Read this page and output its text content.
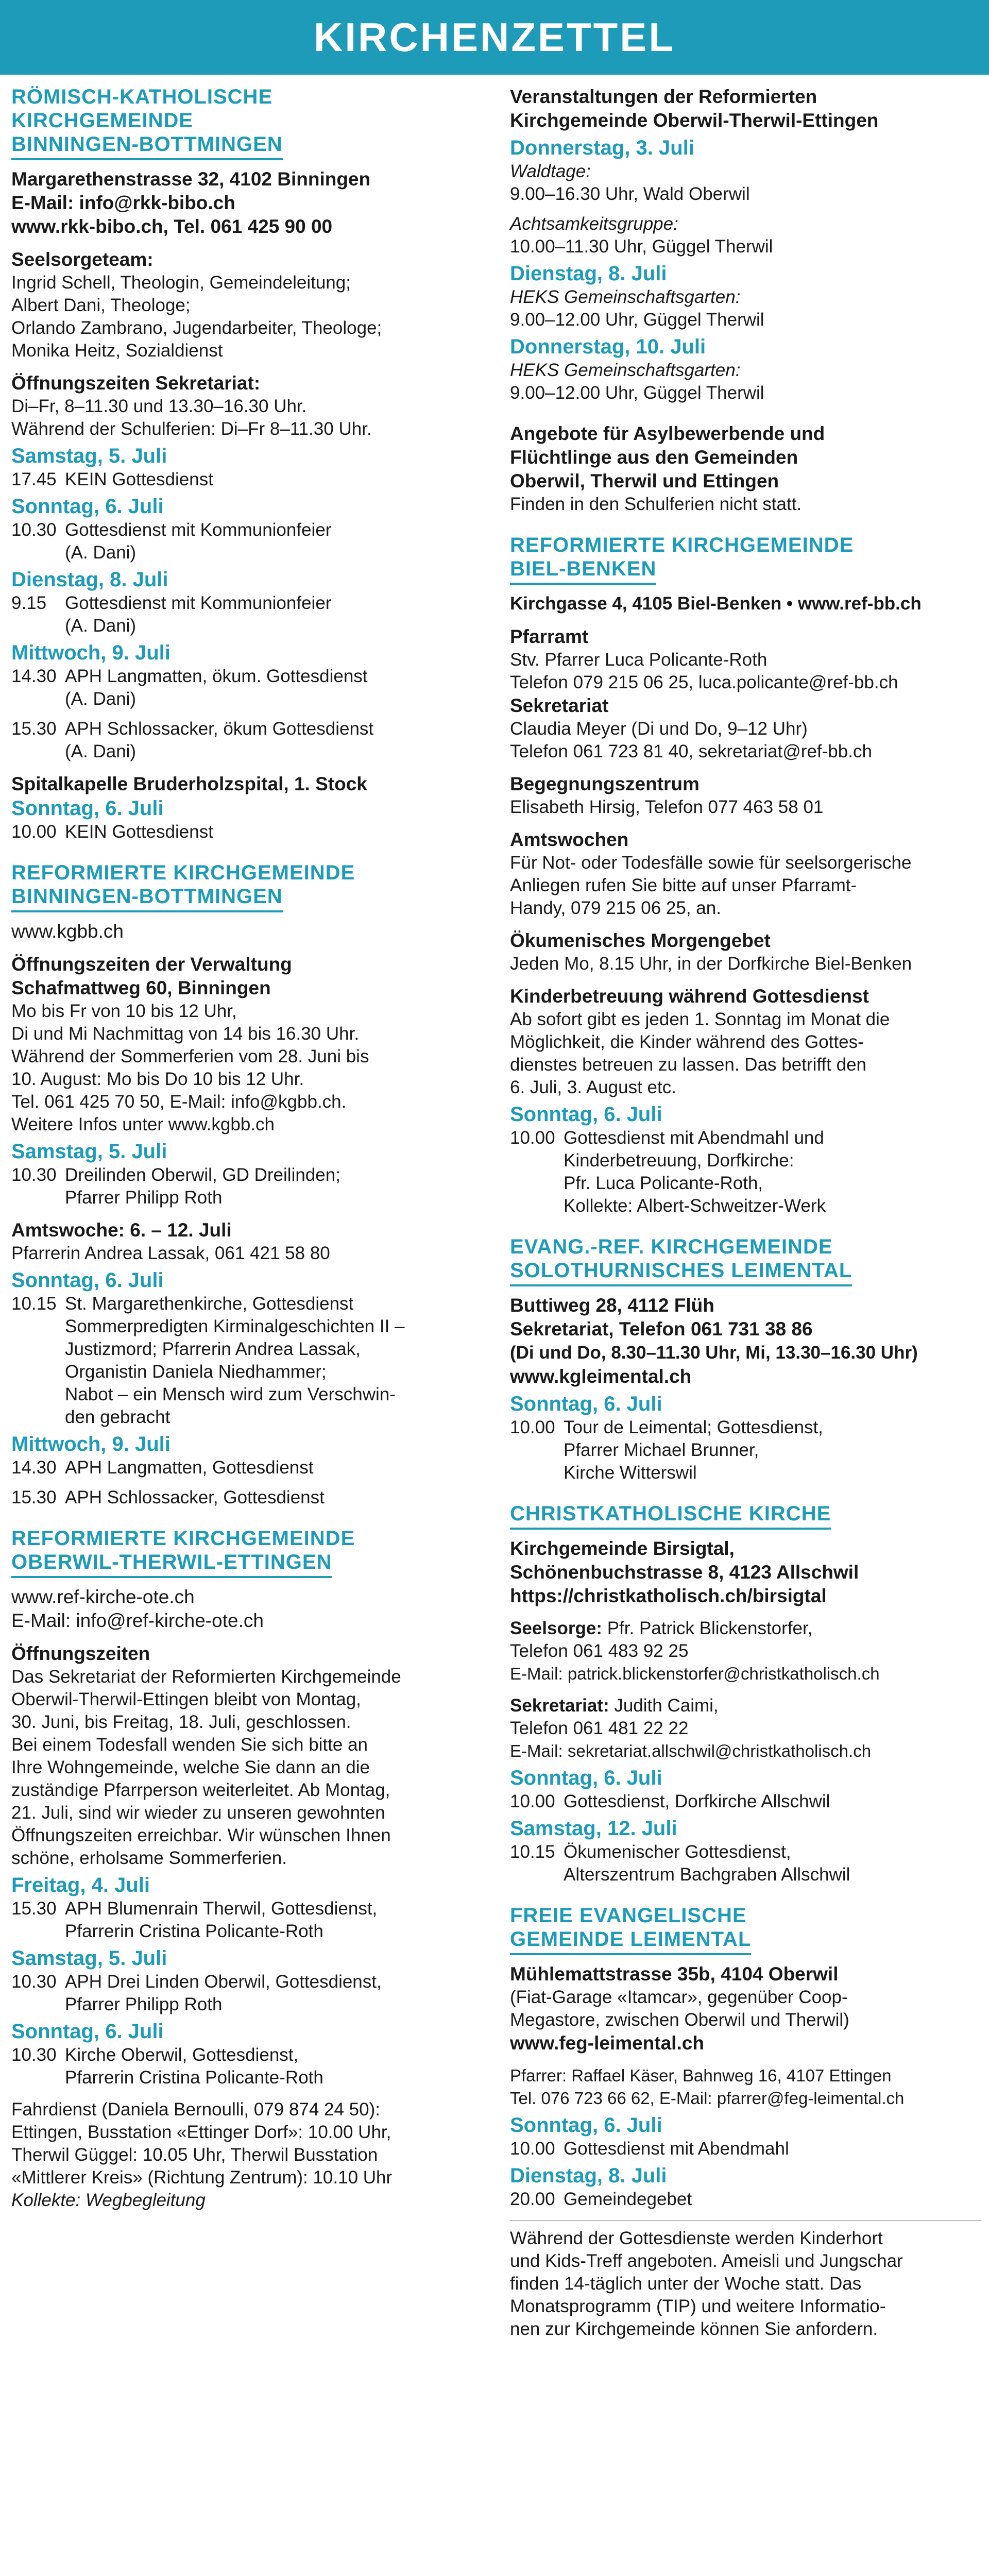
KIRCHENZETTEL
RÖMISCH-KATHOLISCHE
KIRCHGEMEINDE
BINNINGEN-BOTTMINGEN
Margarethenstrasse 32, 4102 Binningen
E-Mail: info@rkk-bibo.ch
www.rkk-bibo.ch, Tel. 061 425 90 00
Seelsorgeteam:
Ingrid Schell, Theologin, Gemeindeleitung;
Albert Dani, Theologe;
Orlando Zambrano, Jugendarbeiter, Theologe;
Monika Heitz, Sozialdienst
Öffnungszeiten Sekretariat:
Di–Fr, 8–11.30 und 13.30–16.30 Uhr.
Während der Schulferien: Di–Fr 8–11.30 Uhr.
Samstag, 5. Juli
17.45 KEIN Gottesdienst
Sonntag, 6. Juli
10.30 Gottesdienst mit Kommunionfeier
(A. Dani)
Dienstag, 8. Juli
9.15	Gottesdienst mit Kommunionfeier
(A. Dani)
Mittwoch, 9. Juli
14.30 APH Langmatten, ökum. Gottesdienst
(A. Dani)
15.30 APH Schlossacker, ökum Gottesdienst
(A. Dani)
Spitalkapelle Bruderholzspital, 1. Stock
Sonntag, 6. Juli
10.00 KEIN Gottesdienst
REFORMIERTE KIRCHGEMEINDE
BINNINGEN-BOTTMINGEN
www.kgbb.ch
Öffnungszeiten der Verwaltung
Schafmattweg 60, Binningen
Mo bis Fr von 10 bis 12 Uhr,
Di und Mi Nachmittag von 14 bis 16.30 Uhr.
Während der Sommerferien vom 28. Juni bis
10. August: Mo bis Do 10 bis 12 Uhr.
Tel. 061 425 70 50, E-Mail: info@kgbb.ch.
Weitere Infos unter www.kgbb.ch
Samstag, 5. Juli
10.30 Dreilinden Oberwil, GD Dreilinden;
Pfarrer Philipp Roth
Amtswoche: 6. – 12. Juli
Pfarrerin Andrea Lassak, 061 421 58 80
Sonntag, 6. Juli
10.15 St. Margarethenkirche, Gottesdienst
Sommerpredigten Kirminalgeschichten II –
Justizmord; Pfarrerin Andrea Lassak,
Organistin Daniela Niedhammer;
Nabot – ein Mensch wird zum Verschwin-
den gebracht
Mittwoch, 9. Juli
14.30 APH Langmatten, Gottesdienst
15.30 APH Schlossacker, Gottesdienst
REFORMIERTE KIRCHGEMEINDE
OBERWIL-THERWIL-ETTINGEN
www.ref-kirche-ote.ch
E-Mail: info@ref-kirche-ote.ch
Öffnungszeiten
Das Sekretariat der Reformierten Kirchgemeinde
Oberwil-Therwil-Ettingen bleibt von Montag,
30. Juni, bis Freitag, 18. Juli, geschlossen.
Bei einem Todesfall wenden Sie sich bitte an
Ihre Wohngemeinde, welche Sie dann an die
zuständige Pfarrperson weiterleitet. Ab Montag,
21. Juli, sind wir wieder zu unseren gewohnten
Öffnungszeiten erreichbar. Wir wünschen Ihnen
schöne, erholsame Sommerferien.
Freitag, 4. Juli
15.30 APH Blumenrain Therwil, Gottesdienst,
Pfarrerin Cristina Policante-Roth
Samstag, 5. Juli
10.30 APH Drei Linden Oberwil, Gottesdienst,
Pfarrer Philipp Roth
Sonntag, 6. Juli
10.30 Kirche Oberwil, Gottesdienst,
Pfarrerin Cristina Policante-Roth
Fahrdienst (Daniela Bernoulli, 079 874 24 50):
Ettingen, Busstation «Ettinger Dorf»: 10.00 Uhr,
Therwil Güggel: 10.05 Uhr, Therwil Busstation
«Mittlerer Kreis» (Richtung Zentrum): 10.10 Uhr
Kollekte: Wegbegleitung
Veranstaltungen der Reformierten
Kirchgemeinde Oberwil-Therwil-Ettingen
Donnerstag, 3. Juli
Waldtage:
9.00–16.30 Uhr, Wald Oberwil
Achtsamkeitsgruppe:
10.00–11.30 Uhr, Güggel Therwil
Dienstag, 8. Juli
HEKS Gemeinschaftsgarten:
9.00–12.00 Uhr, Güggel Therwil
Donnerstag, 10. Juli
HEKS Gemeinschaftsgarten:
9.00–12.00 Uhr, Güggel Therwil
Angebote für Asylbewerbende und
Flüchtlinge aus den Gemeinden
Oberwil, Therwil und Ettingen
Finden in den Schulferien nicht statt.
REFORMIERTE KIRCHGEMEINDE
BIEL-BENKEN
Kirchgasse 4, 4105 Biel-Benken • www.ref-bb.ch
Pfarramt
Stv. Pfarrer Luca Policante-Roth
Telefon 079 215 06 25, luca.policante@ref-bb.ch
Sekretariat
Claudia Meyer (Di und Do, 9–12 Uhr)
Telefon 061 723 81 40, sekretariat@ref-bb.ch
Begegnungszentrum
Elisabeth Hirsig, Telefon 077 463 58 01
Amtswochen
Für Not- oder Todesfälle sowie für seelsorgerische
Anliegen rufen Sie bitte auf unser Pfarramt-
Handy, 079 215 06 25, an.
Ökumenisches Morgengebet
Jeden Mo, 8.15 Uhr, in der Dorfkirche Biel-Benken
Kinderbetreuung während Gottesdienst
Ab sofort gibt es jeden 1. Sonntag im Monat die
Möglichkeit, die Kinder während des Gottes-
dienstes betreuen zu lassen. Das betrifft den
6. Juli, 3. August etc.
Sonntag, 6. Juli
10.00 Gottesdienst mit Abendmahl und
Kinderbetreuung, Dorfkirche:
Pfr. Luca Policante-Roth,
Kollekte: Albert-Schweitzer-Werk
EVANG.-REF. KIRCHGEMEINDE
SOLOTHURNISCHES LEIMENTAL
Buttiweg 28, 4112 Flüh
Sekretariat, Telefon 061 731 38 86
(Di und Do, 8.30–11.30 Uhr, Mi, 13.30–16.30 Uhr)
www.kgleimental.ch
Sonntag, 6. Juli
10.00 Tour de Leimental; Gottesdienst,
Pfarrer Michael Brunner,
Kirche Witterswil
CHRISTKATHOLISCHE KIRCHE
Kirchgemeinde Birsigtal,
Schönenbuchstrasse 8, 4123 Allschwil
https://christkatholisch.ch/birsigtal
Seelsorge: Pfr. Patrick Blickenstorfer,
Telefon 061 483 92 25
E-Mail: patrick.blickenstorfer@christkatholisch.ch
Sekretariat: Judith Caimi,
Telefon 061 481 22 22
E-Mail: sekretariat.allschwil@christkatholisch.ch
Sonntag, 6. Juli
10.00 Gottesdienst, Dorfkirche Allschwil
Samstag, 12. Juli
10.15 Ökumenischer Gottesdienst,
Alterszentrum Bachgraben Allschwil
FREIE EVANGELISCHE
GEMEINDE LEIMENTAL
Mühlemattstrasse 35b, 4104 Oberwil
(Fiat-Garage «Itamcar», gegenüber Coop-
Megastore, zwischen Oberwil und Therwil)
www.feg-leimental.ch
Pfarrer: Raffael Käser, Bahnweg 16, 4107 Ettingen
Tel. 076 723 66 62, E-Mail: pfarrer@feg-leimental.ch
Sonntag, 6. Juli
10.00 Gottesdienst mit Abendmahl
Dienstag, 8. Juli
20.00 Gemeindegebet
Während der Gottesdienste werden Kinderhort
und Kids-Treff angeboten. Ameisli und Jungschar
finden 14-täglich unter der Woche statt. Das
Monatsprogramm (TIP) und weitere Informatio-
nen zur Kirchgemeinde können Sie anfordern.
